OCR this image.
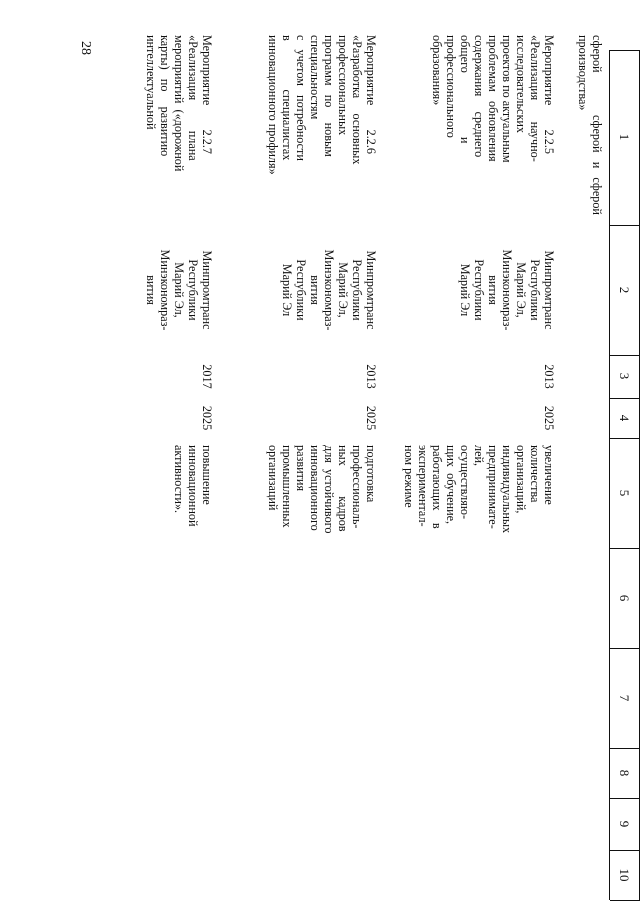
28
1
2
3
4
5
6
7
8
9
10
сферой   и   сферой
сферой
производства»
Мероприятие        2.2.5
«Реализация       научно-
исследовательских
проектов по актуальным
проблемам   обновления
содержания     среднего
общего                     и
профессионального
образования»
Минпромтранс
Республики
Марий Эл,
Минэкономраз-
вития
Республики
Марий Эл
2013
2025
увеличение
количества
организаций,
индивидуальных
предпринимате-
лей,
осуществляю-
щих  обучение,
работающих    в
экспериментал-
ном режиме
Мероприятие        2.2.6
«Разработка     основных
профессиональных
программ   по     новым
специальностям
с   учетом   потребности
в                специалистах
инновационного профиля»
Минпромтранс
Республики
Марий Эл,
Минэкономраз-
вития
Республики
Марий Эл
2013
2025
подготовка
профессиональ-
ных          кадров
для  устойчивого
инновационного
развития
промышленных
организаций
Мероприятие        2.2.7
«Реализация          плана
мероприятий  («дорожной
карты)   по     развитию
интеллектуальной
Минпромтранс
Республики
Марий Эл,
Минэкономраз-
вития
2017
2025
повышение
инновационной
активности».
